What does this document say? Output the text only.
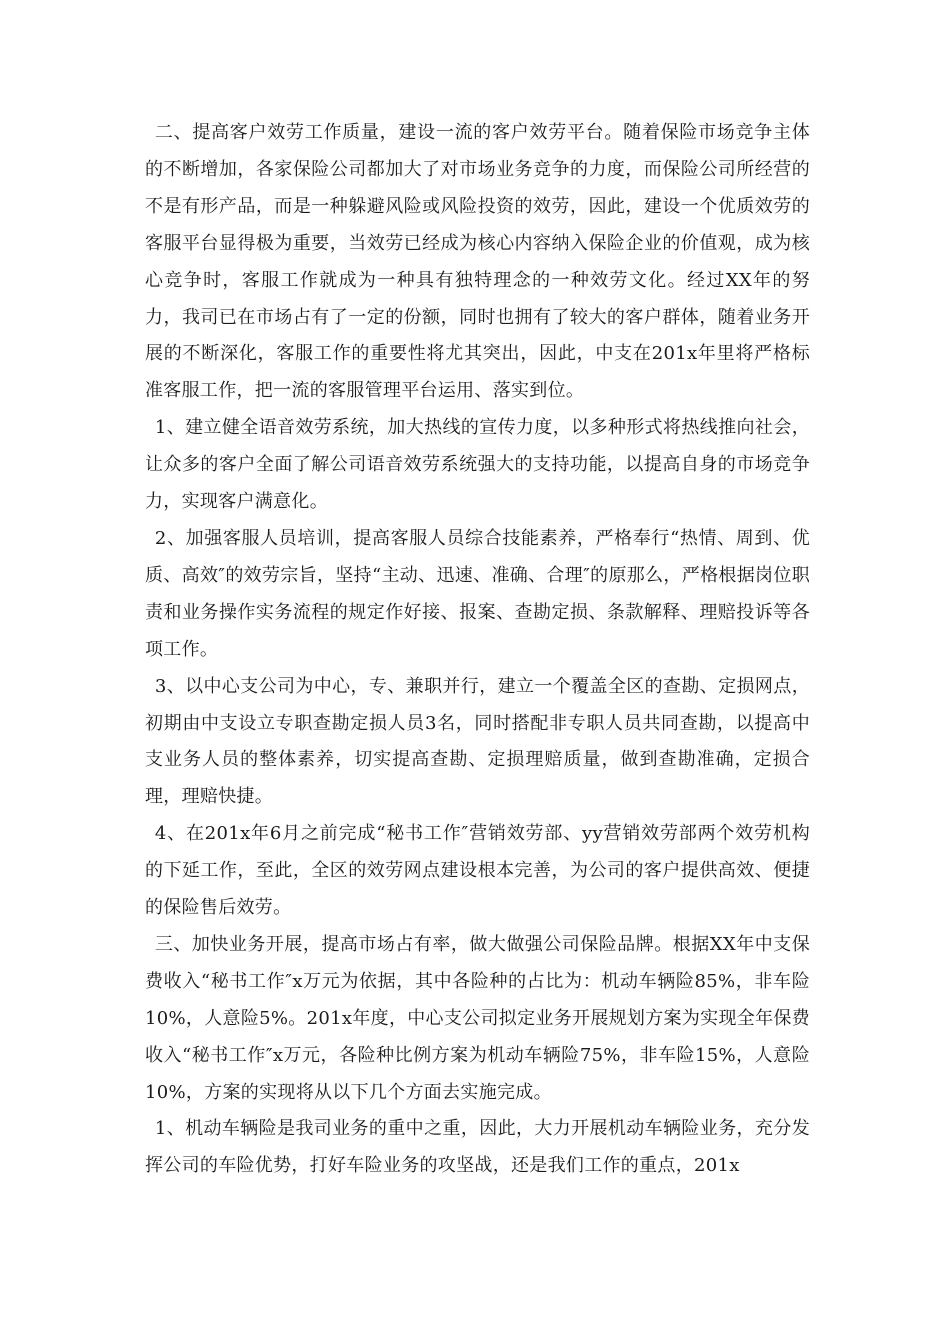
二、提高客户效劳工作质量，建设一流的客户效劳平台。随着保险市场竞争主体的不断增加，各家保险公司都加大了对市场业务竞争的力度，而保险公司所经营的不是有形产品，而是一种躲避风险或风险投资的效劳，因此，建设一个优质效劳的客服平台显得极为重要，当效劳已经成为核心内容纳入保险企业的价值观，成为核心竞争时，客服工作就成为一种具有独特理念的一种效劳文化。经过XX年的努力，我司已在市场占有了一定的份额，同时也拥有了较大的客户群体，随着业务开展的不断深化，客服工作的重要性将尤其突出，因此，中支在201x年里将严格标准客服工作，把一流的客服管理平台运用、落实到位。

1、建立健全语音效劳系统，加大热线的宣传力度，以多种形式将热线推向社会，让众多的客户全面了解公司语音效劳系统强大的支持功能，以提高自身的市场竞争力，实现客户满意化。

2、加强客服人员培训，提高客服人员综合技能素养，严格奉行“热情、周到、优质、高效″的效劳宗旨，坚持“主动、迅速、准确、合理″的原那么，严格根据岗位职责和业务操作实务流程的规定作好接、报案、查勘定损、条款解释、理赔投诉等各项工作。

3、以中心支公司为中心，专、兼职并行，建立一个覆盖全区的查勘、定损网点，初期由中支设立专职查勘定损人员3名，同时搭配非专职人员共同查勘，以提高中支业务人员的整体素养，切实提高查勘、定损理赔质量，做到查勘准确，定损合理，理赔快捷。

4、在201x年6月之前完成“秘书工作″营销效劳部、yy营销效劳部两个效劳机构的下延工作，至此，全区的效劳网点建设根本完善，为公司的客户提供高效、便捷的保险售后效劳。

三、加快业务开展，提高市场占有率，做大做强公司保险品牌。根据XX年中支保费收入“秘书工作″x万元为依据，其中各险种的占比为：机动车辆险85%，非车险10%，人意险5%。201x年度，中心支公司拟定业务开展规划方案为实现全年保费收入“秘书工作″x万元，各险种比例方案为机动车辆险75%，非车险15%，人意险10%，方案的实现将从以下几个方面去实施完成。

1、机动车辆险是我司业务的重中之重，因此，大力开展机动车辆险业务，充分发挥公司的车险优势，打好车险业务的攻坚战，还是我们工作的重点，201x
